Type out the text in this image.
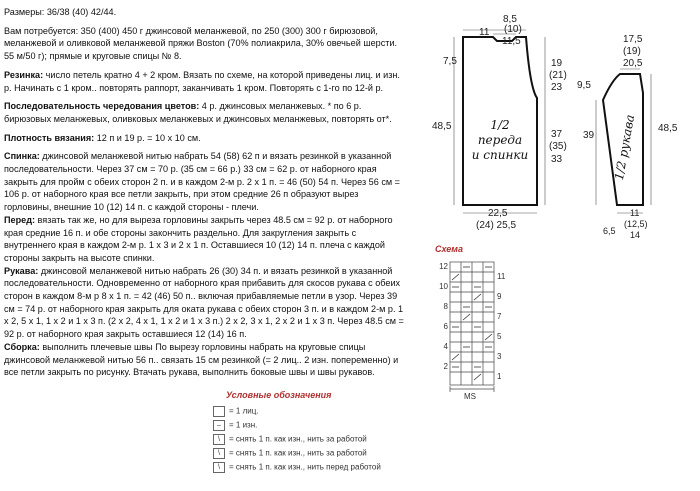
Размеры: 36/38 (40) 42/44.

Вам потребуется: 350 (400) 450 г джинсовой меланжевой, по 250 (300) 300 г бирюзовой, меланжевой и оливковой меланжевой пряжи Boston (70% полиакрила, 30% овечьей шерсти. 55 м/50 г); прямые и круговые спицы № 8.

Резинка: число петель кратно 4 + 2 кром. Вязать по схеме, на которой приведены лиц. и изн. р. Начинать с 1 кром.. повторять раппорт, заканчивать 1 кром. Повторять с 1-го по 12-й р.

Последовательность чередования цветов: 4 р. джинсовых меланжевых. * по 6 р. бирюзовых меланжевых, оливковых меланжевых и джинсовых меланжевых, повторять от*.

Плотность вязания: 12 п и 19 р. = 10 х 10 см.

Спинка: джинсовой меланжевой нитью набрать 54 (58) 62 п и вязать резинкой в указанной последовательности. Через 37 см = 70 р. (35 см = 66 р.) 33 см = 62 р. от наборного края закрыть для пройм с обеих сторон 2 п. и в каждом 2-м р. 2 х 1 п. = 46 (50) 54 п. Через 56 см = 106 р. от наборного края все петли закрыть, при этом средние 26 п образуют вырез горловины, внешние 10 (12) 14 п. с каждой стороны - плечи.

Перед: вязать так же, но для выреза горловины закрыть через 48.5 см = 92 р. от наборного края средние 16 п. и обе стороны закончить раздельно. Для закругления закрыть с внутреннего края в каждом 2-м р. 1 х 3 и 2 х 1 п. Оставшиеся 10 (12) 14 п. плеча с каждой стороны закрыть на высоте спинки.

Рукава: джинсовой меланжевой нитью набрать 26 (30) 34 п. и вязать резинкой в указанной последовательности. Одновременно от наборного края прибавить для скосов рукава с обеих сторон в каждом 8-м р 8 х 1 п. = 42 (46) 50 п.. включая прибавляемые петли в узор. Через 39 см = 74 р. от наборного края закрыть для оката рукава с обеих сторон 3 п. и в каждом 2-м р. 1 х 2, 5 х 1, 1 х 2 и 1 х 3 п. (2 х 2, 4 х 1, 1 х 2 и 1 х 3 п.) 2 х 2, 3 х 1, 2 х 2 и 1 х 3 п. Через 48.5 см = 92 р. от наборного края закрыть оставшиеся 12 (14) 16 п.

Сборка: выполнить плечевые швы По вырезу горловины набрать на круговые спицы джинсовой меланжевой нитью 56 п.. связать 15 см резинкой (= 2 лиц.. 2 изн. попеременно) и все петли закрыть по рисунку. Втачать рукава, выполнить боковые швы и швы рукавов.

1/2
переда
и спинки
11
8,5
(10)
11,5
7,5	19
(21)
23
48,5
37
(35)
33
22,5
(24) 25,5
1/2 рукава
17,5
(19)
20,5
9,5
39
48,5
11
(12,5)
14
6,5
Схема
12

10

8

6

4

2
11

9

7

5

3

1
MS
Условные обозначения
= 1 лиц.
– = 1 изн.
\ = снять 1 п. как изн., нить за работой
\ = снять 1 п. как изн., нить за работой
\ = снять 1 п. как изн., нить перед работой
